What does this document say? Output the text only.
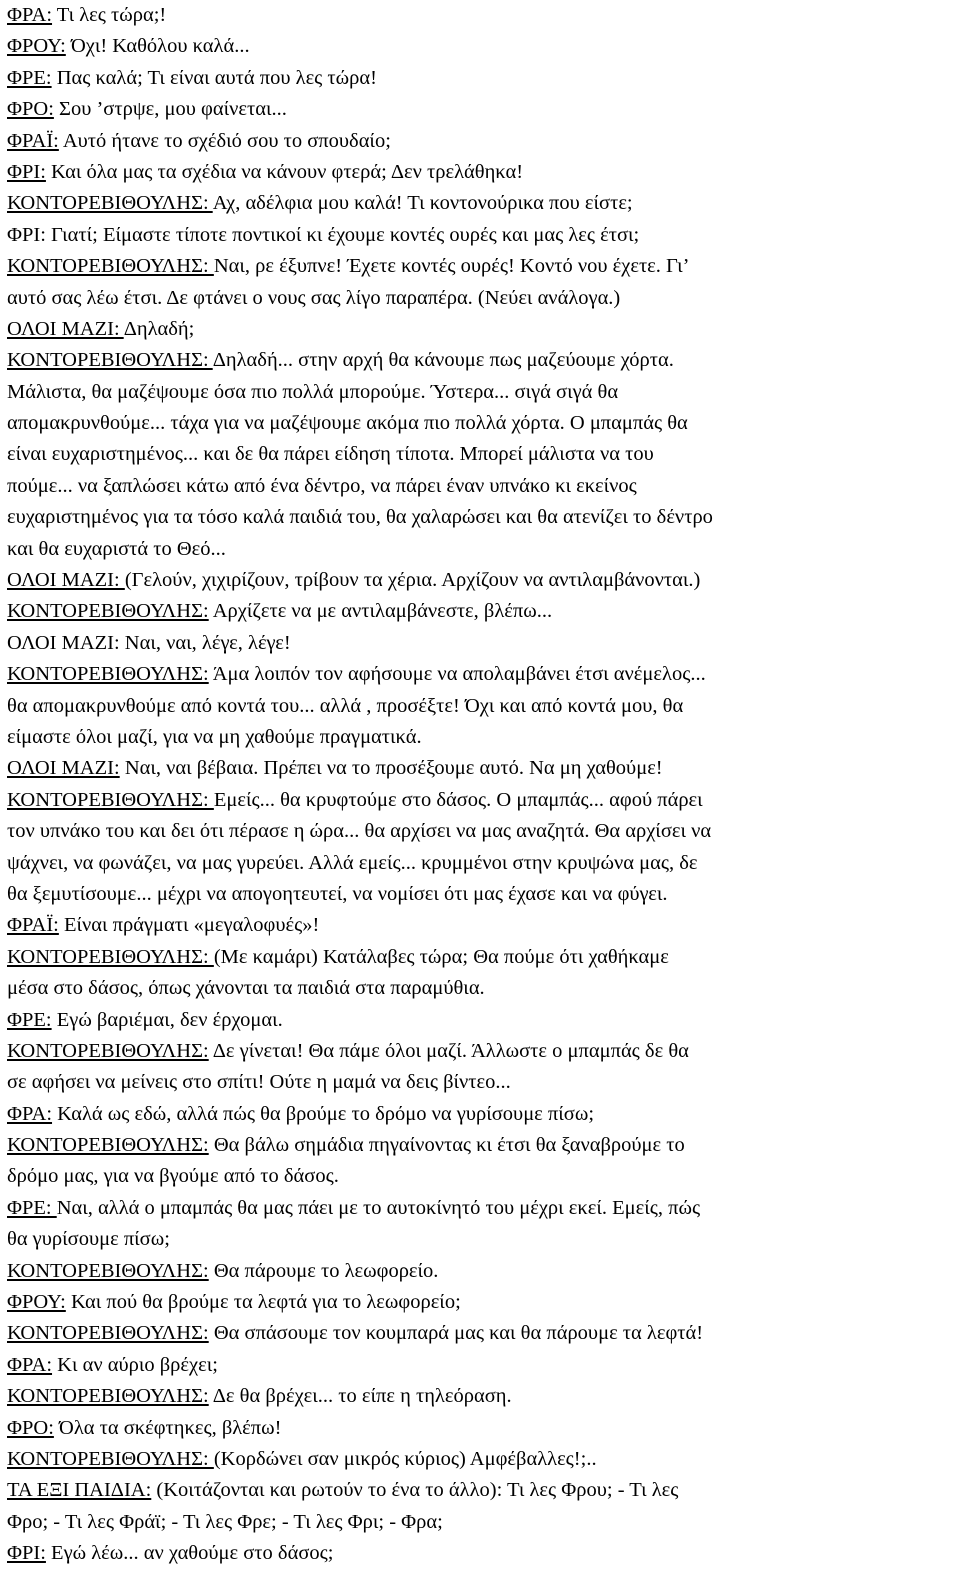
ΦΡΑ: Τι λες τώρα;!
ΦΡΟΥ: Όχι! Καθόλου καλά...
ΦΡΕ: Πας καλά; Τι είναι αυτά που λες τώρα!
ΦΡΟ: Σου ’στρψε, μου φαίνεται...
ΦΡΑΪ: Αυτό ήτανε το σχέδιό σου το σπουδαίο;
ΦΡΙ: Και όλα μας τα σχέδια να κάνουν φτερά; Δεν τρελάθηκα!
ΚΟΝΤΟΡΕΒΙΘΟΥΛΗΣ: Αχ, αδέλφια μου καλά! Τι κοντονούρικα που είστε;
ΦΡΙ: Γιατί; Είμαστε τίποτε ποντικοί κι έχουμε κοντές ουρές και μας λες έτσι;
ΚΟΝΤΟΡΕΒΙΘΟΥΛΗΣ: Ναι, ρε έξυπνε! Έχετε κοντές ουρές! Κοντό νου έχετε. Γι’
αυτό σας λέω έτσι. Δε φτάνει ο νους σας λίγο παραπέρα. (Νεύει ανάλογα.)
ΟΛΟΙ ΜΑΖΙ: Δηλαδή;
ΚΟΝΤΟΡΕΒΙΘΟΥΛΗΣ: Δηλαδή... στην αρχή θα κάνουμε πως μαζεύουμε χόρτα.
Μάλιστα, θα μαζέψουμε όσα πιο πολλά μπορούμε. Ύστερα... σιγά σιγά θα
απομακρυνθούμε... τάχα για να μαζέψουμε ακόμα πιο πολλά χόρτα. Ο μπαμπάς θα
είναι ευχαριστημένος... και δε θα πάρει είδηση τίποτα. Μπορεί μάλιστα να του
πούμε... να ξαπλώσει κάτω από ένα δέντρο, να πάρει έναν υπνάκο κι εκείνος
ευχαριστημένος για τα τόσο καλά παιδιά του, θα χαλαρώσει και θα ατενίζει το δέντρο
και θα ευχαριστά το Θεό...
ΟΛΟΙ ΜΑΖΙ: (Γελούν, χιχιρίζουν, τρίβουν τα χέρια. Αρχίζουν να αντιλαμβάνονται.)
ΚΟΝΤΟΡΕΒΙΘΟΥΛΗΣ: Αρχίζετε να με αντιλαμβάνεστε, βλέπω...
ΟΛΟΙ ΜΑΖΙ: Ναι, ναι, λέγε, λέγε!
ΚΟΝΤΟΡΕΒΙΘΟΥΛΗΣ: Άμα λοιπόν τον αφήσουμε να απολαμβάνει έτσι ανέμελος...
θα απομακρυνθούμε από κοντά του... αλλά , προσέξτε! Όχι και από κοντά μου, θα
είμαστε όλοι μαζί, για να μη χαθούμε πραγματικά.
ΟΛΟΙ ΜΑΖΙ: Ναι, ναι βέβαια. Πρέπει να το προσέξουμε αυτό. Να μη χαθούμε!
ΚΟΝΤΟΡΕΒΙΘΟΥΛΗΣ: Εμείς... θα κρυφτούμε στο δάσος. Ο μπαμπάς... αφού πάρει
τον υπνάκο του και δει ότι πέρασε η ώρα... θα αρχίσει να μας αναζητά. Θα αρχίσει να
ψάχνει, να φωνάζει, να μας γυρεύει. Αλλά εμείς... κρυμμένοι στην κρυψώνα μας, δε
θα ξεμυτίσουμε... μέχρι να απογοητευτεί, να νομίσει ότι μας έχασε και να φύγει.
ΦΡΑΪ: Είναι πράγματι «μεγαλοφυές»!
ΚΟΝΤΟΡΕΒΙΘΟΥΛΗΣ: (Με καμάρι) Κατάλαβες τώρα; Θα πούμε ότι χαθήκαμε
μέσα στο δάσος, όπως χάνονται τα παιδιά στα παραμύθια.
ΦΡΕ: Εγώ βαριέμαι, δεν έρχομαι.
ΚΟΝΤΟΡΕΒΙΘΟΥΛΗΣ: Δε γίνεται! Θα πάμε όλοι μαζί. Άλλωστε ο μπαμπάς δε θα
σε αφήσει να μείνεις στο σπίτι! Ούτε η μαμά να δεις βίντεο...
ΦΡΑ: Καλά ως εδώ, αλλά πώς θα βρούμε το δρόμο να γυρίσουμε πίσω;
ΚΟΝΤΟΡΕΒΙΘΟΥΛΗΣ: Θα βάλω σημάδια πηγαίνοντας κι έτσι θα ξαναβρούμε το
δρόμο μας, για να βγούμε από το δάσος.
ΦΡΕ: Ναι, αλλά ο μπαμπάς θα μας πάει με το αυτοκίνητό του μέχρι εκεί. Εμείς, πώς
θα γυρίσουμε πίσω;
ΚΟΝΤΟΡΕΒΙΘΟΥΛΗΣ: Θα πάρουμε το λεωφορείο.
ΦΡΟΥ: Και πού θα βρούμε τα λεφτά για το λεωφορείο;
ΚΟΝΤΟΡΕΒΙΘΟΥΛΗΣ: Θα σπάσουμε τον κουμπαρά μας και θα πάρουμε τα λεφτά!
ΦΡΑ: Κι αν αύριο βρέχει;
ΚΟΝΤΟΡΕΒΙΘΟΥΛΗΣ: Δε θα βρέχει... το είπε η τηλεόραση.
ΦΡΟ: Όλα τα σκέφτηκες, βλέπω!
ΚΟΝΤΟΡΕΒΙΘΟΥΛΗΣ: (Κορδώνει σαν μικρός κύριος) Αμφέβαλλες!;..
ΤΑ ΕΞΙ ΠΑΙΔΙΑ: (Κοιτάζονται και ρωτούν το ένα το άλλο): Τι λες Φρου; - Τι λες
Φρο; - Τι λες Φράϊ; - Τι λες Φρε; - Τι λες Φρι; - Φρα;
ΦΡΙ: Εγώ λέω... αν χαθούμε στο δάσος;
